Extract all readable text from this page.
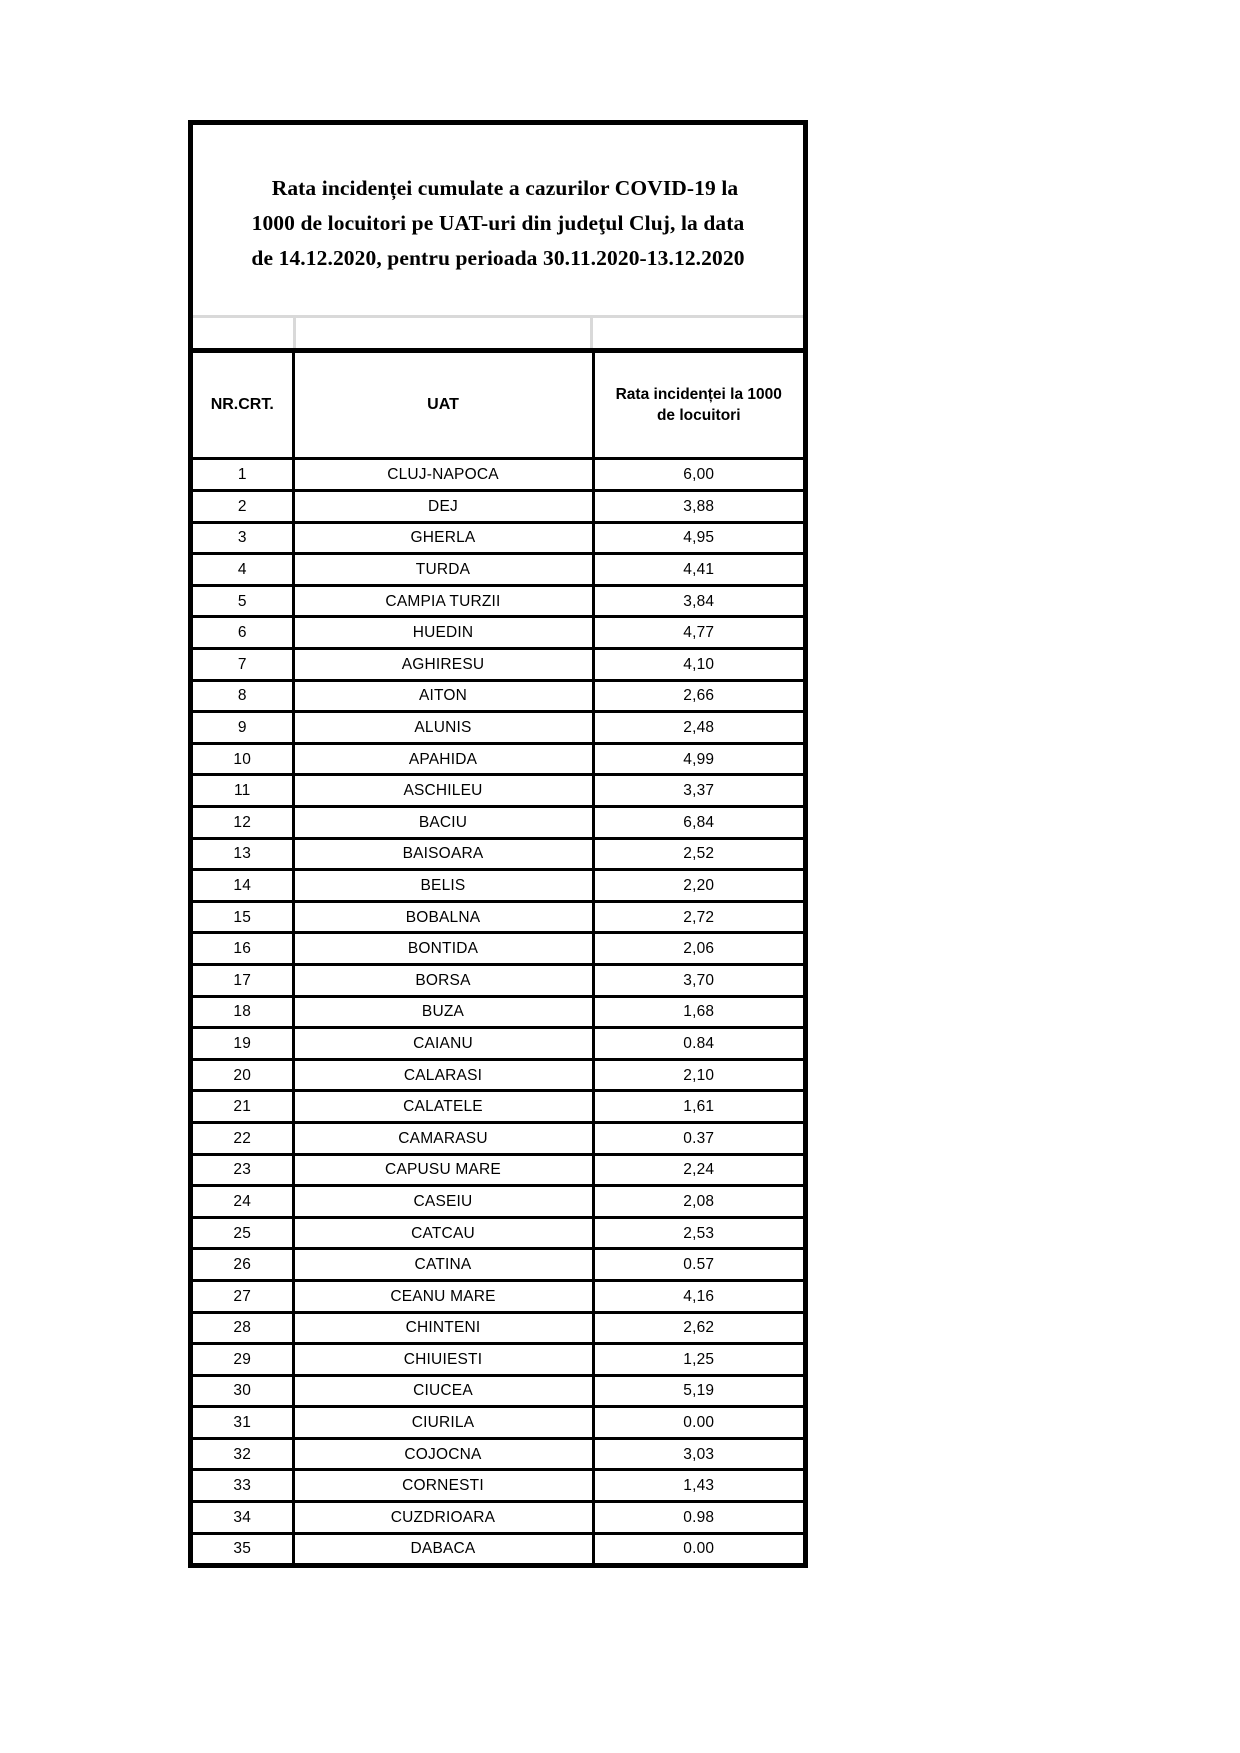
Rata incidenței cumulate a cazurilor COVID-19 la
1000 de locuitori pe UAT-uri din judeţul Cluj, la data
de 14.12.2020, pentru perioada 30.11.2020-13.12.2020
NR.CRT.	UAT	Rata incidenței la 1000
de locuitori
1	CLUJ-NAPOCA	6,00
2	DEJ	3,88
3	GHERLA	4,95
4	TURDA	4,41
5	CAMPIA TURZII	3,84
6	HUEDIN	4,77
7	AGHIRESU	4,10
8	AITON	2,66
9	ALUNIS	2,48
10	APAHIDA	4,99
11	ASCHILEU	3,37
12	BACIU	6,84
13	BAISOARA	2,52
14	BELIS	2,20
15	BOBALNA	2,72
16	BONTIDA	2,06
17	BORSA	3,70
18	BUZA	1,68
19	CAIANU	0.84
20	CALARASI	2,10
21	CALATELE	1,61
22	CAMARASU	0.37
23	CAPUSU MARE	2,24
24	CASEIU	2,08
25	CATCAU	2,53
26	CATINA	0.57
27	CEANU MARE	4,16
28	CHINTENI	2,62
29	CHIUIESTI	1,25
30	CIUCEA	5,19
31	CIURILA	0.00
32	COJOCNA	3,03
33	CORNESTI	1,43
34	CUZDRIOARA	0.98
35	DABACA	0.00
